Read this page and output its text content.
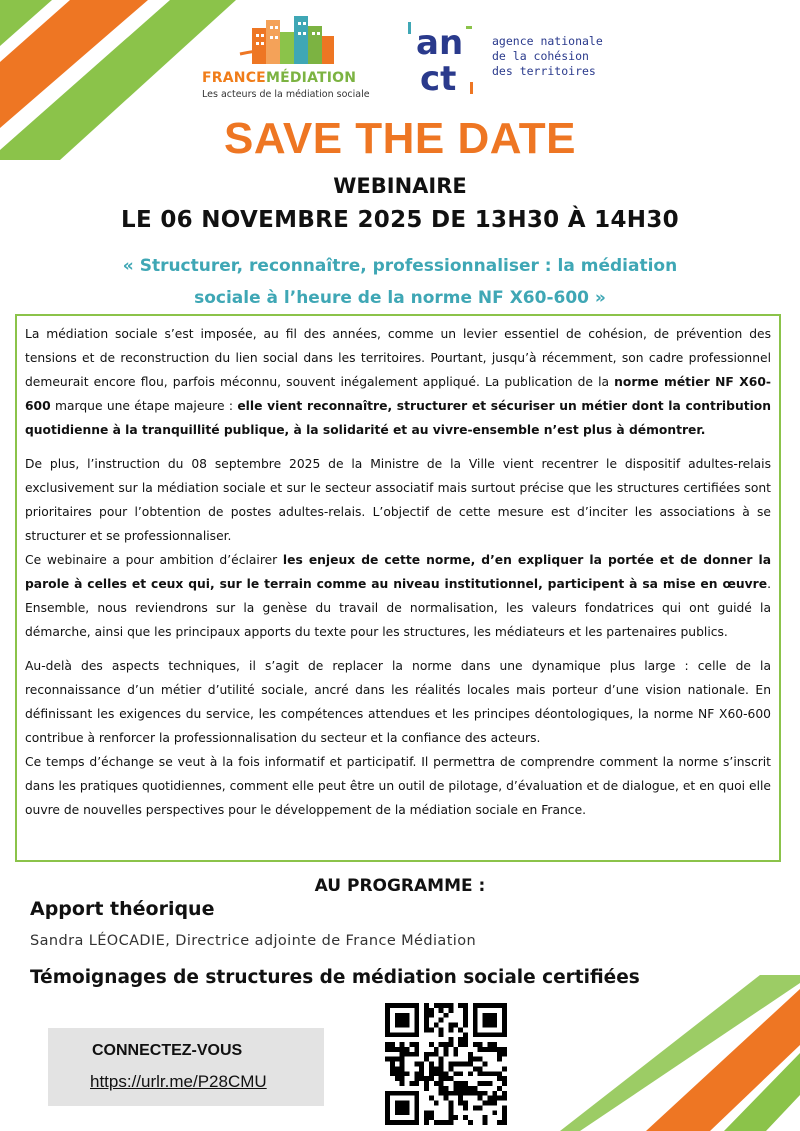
FRANCEMÉDIATION
Les acteurs de la médiation sociale
an
ct
agence nationale
de la cohésion
des territoires
SAVE THE DATE
WEBINAIRE
LE 06 NOVEMBRE 2025 DE 13H30 À 14H30
« Structurer, reconnaître, professionnaliser : la médiation sociale à l’heure de la norme NF X60-600 »

La médiation sociale s’est imposée, au fil des années, comme un levier essentiel de cohésion, de prévention des tensions et de reconstruction du lien social dans les territoires. Pourtant, jusqu’à récemment, son cadre professionnel demeurait encore flou, parfois méconnu, souvent inégalement appliqué. La publication de la norme métier NF X60-600 marque une étape majeure : elle vient reconnaître, structurer et sécuriser un métier dont la contribution quotidienne à la tranquillité publique, à la solidarité et au vivre-ensemble n’est plus à démontrer.

De plus, l’instruction du 08 septembre 2025 de la Ministre de la Ville vient recentrer le dispositif adultes-relais exclusivement sur la médiation sociale et sur le secteur associatif mais surtout précise que les structures certifiées sont prioritaires pour l’obtention de postes adultes-relais. L’objectif de cette mesure est d’inciter les associations à se structurer et se professionnaliser.

Ce webinaire a pour ambition d’éclairer les enjeux de cette norme, d’en expliquer la portée et de donner la parole à celles et ceux qui, sur le terrain comme au niveau institutionnel, participent à sa mise en œuvre. Ensemble, nous reviendrons sur la genèse du travail de normalisation, les valeurs fondatrices qui ont guidé la démarche, ainsi que les principaux apports du texte pour les structures, les médiateurs et les partenaires publics.

Au-delà des aspects techniques, il s’agit de replacer la norme dans une dynamique plus large : celle de la reconnaissance d’un métier d’utilité sociale, ancré dans les réalités locales mais porteur d’une vision nationale. En définissant les exigences du service, les compétences attendues et les principes déontologiques, la norme NF X60-600 contribue à renforcer la professionnalisation du secteur et la confiance des acteurs.

Ce temps d’échange se veut à la fois informatif et participatif. Il permettra de comprendre comment la norme s’inscrit dans les pratiques quotidiennes, comment elle peut être un outil de pilotage, d’évaluation et de dialogue, et en quoi elle ouvre de nouvelles perspectives pour le développement de la médiation sociale en France.

AU PROGRAMME :
Apport théorique
Sandra LÉOCADIE, Directrice adjointe de France Médiation
Témoignages de structures de médiation sociale certifiées
CONNECTEZ-VOUS
https://urlr.me/P28CMU
